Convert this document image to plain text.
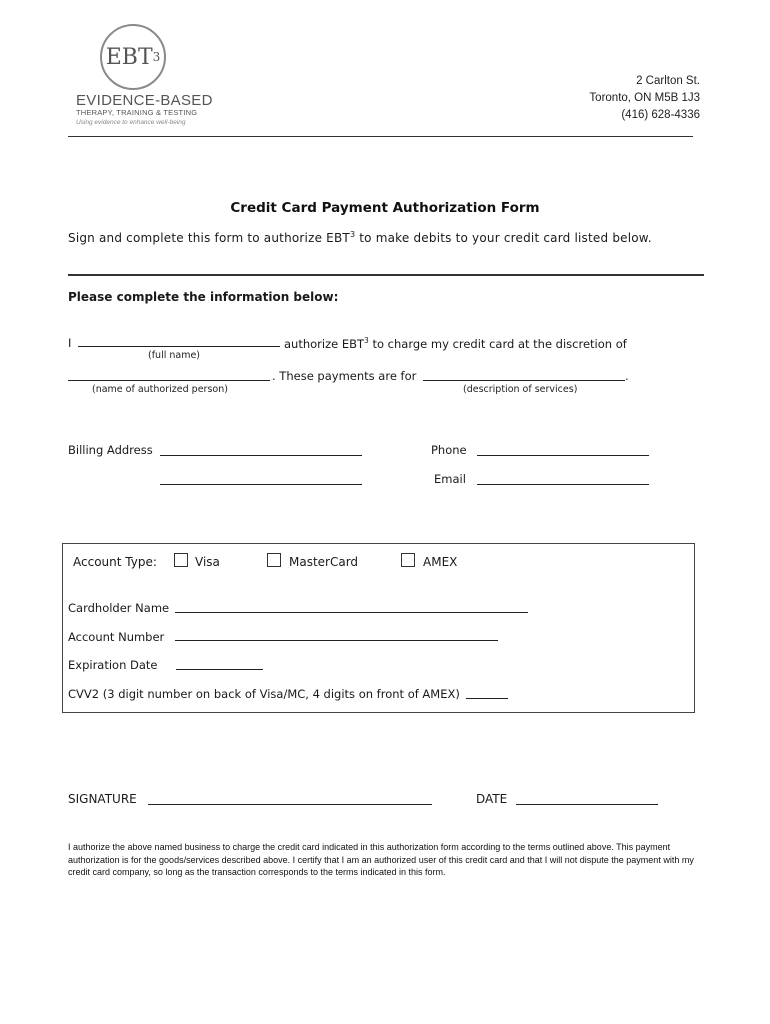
EBT 3
EVIDENCE-BASED
THERAPY, TRAINING & TESTING
Using evidence to enhance well-being
2 Carlton St.
Toronto, ON M5B 1J3
(416) 628-4336
Credit Card Payment Authorization Form
Sign and complete this form to authorize EBT$^3$ to make debits to your credit card listed below.
Please complete the information below:
I
(full name)
authorize EBT$^3$ to charge my credit card at the discretion of
(name of authorized person)
. These payments are for	.
(description of services)
Billing Address	Phone
Email
Account Type:	Visa	MasterCard	AMEX
Cardholder Name
Account Number
Expiration Date
CVV2 (3 digit number on back of Visa/MC, 4 digits on front of AMEX)
SIGNATURE	DATE
I authorize the above named business to charge the credit card indicated in this authorization form according to the terms outlined above. This payment authorization is for the goods/services described above. I certify that I am an authorized user of this credit card and that I will not dispute the payment with my credit card company, so long as the transaction corresponds to the terms indicated in this form.
